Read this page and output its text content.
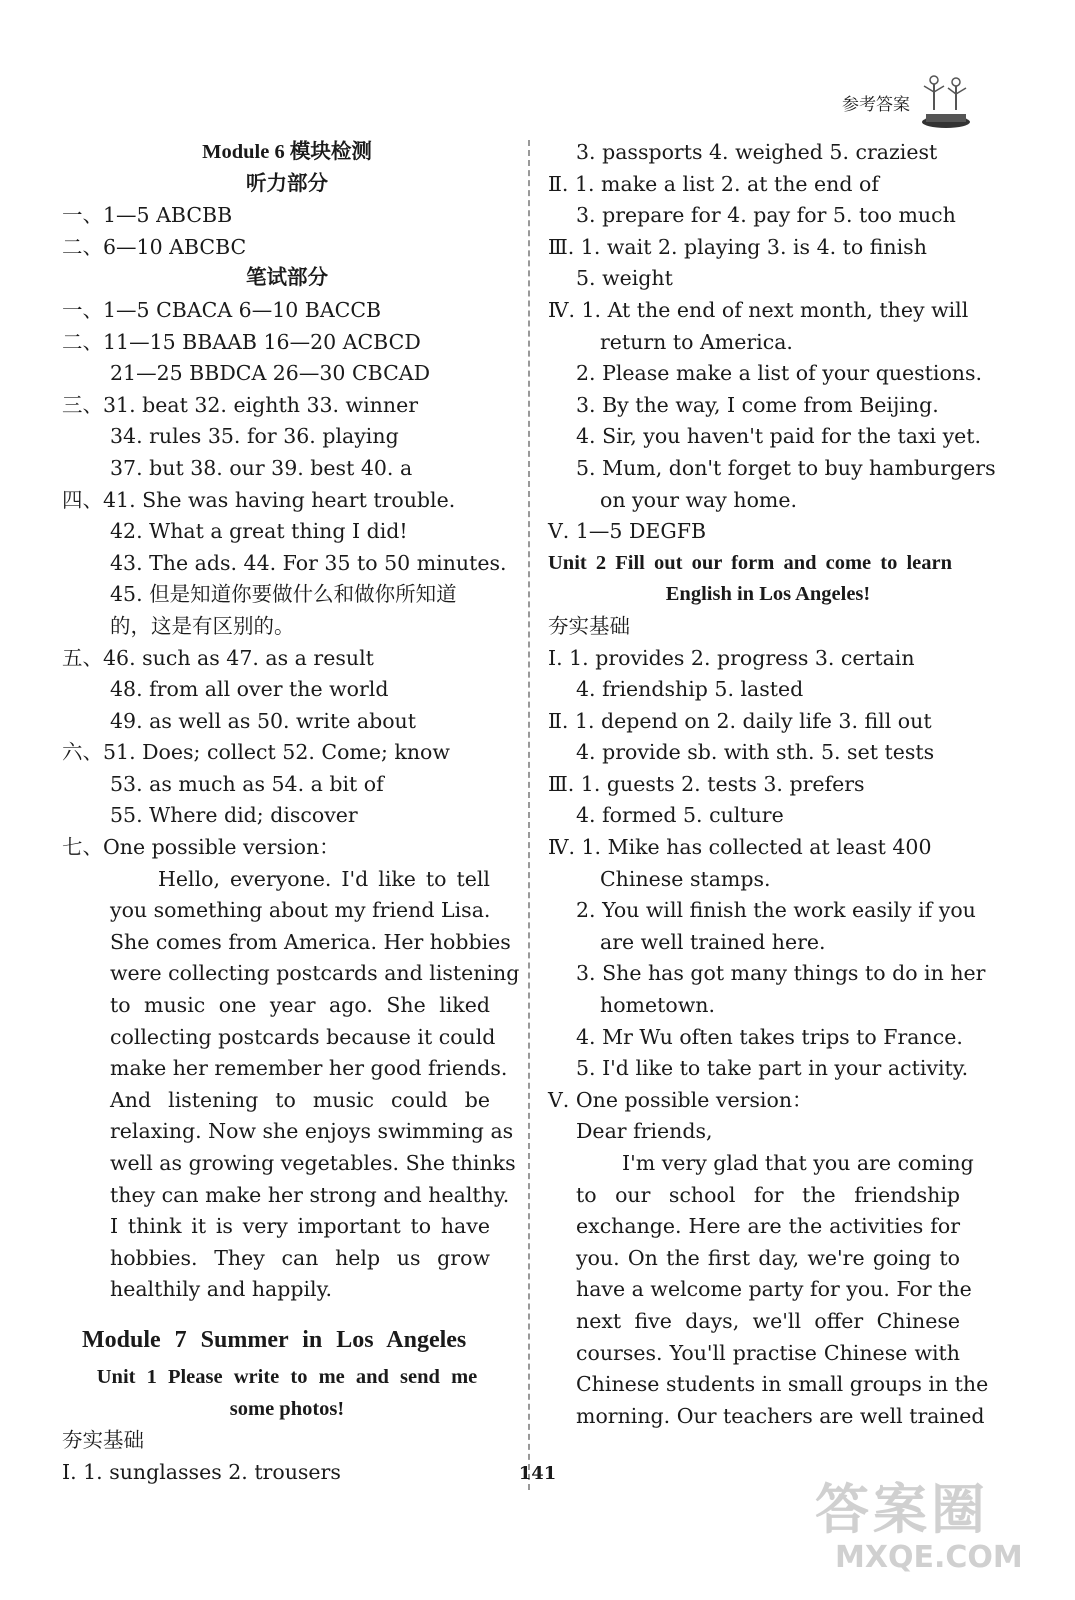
参考答案
Module 6 模块检测
听力部分
一、1—5 ABCBB
二、6—10 ABCBC
笔试部分
一、1—5 CBACA 6—10 BACCB
二、11—15 BBAAB 16—20 ACBCD
21—25 BBDCA 26—30 CBCAD
三、31. beat 32. eighth 33. winner
34. rules 35. for 36. playing
37. but 38. our 39. best 40. a
四、41. She was having heart trouble.
42. What a great thing I did!
43. The ads. 44. For 35 to 50 minutes.
45. 但是知道你要做什么和做你所知道
的，这是有区别的。
五、46. such as 47. as a result
48. from all over the world
49. as well as 50. write about
六、51. Does; collect 52. Come; know
53. as much as 54. a bit of
55. Where did; discover
七、One possible version：
Hello, everyone. I'd like to tell
you something about my friend Lisa.
She comes from America. Her hobbies
were collecting postcards and listening
to music one year ago. She liked
collecting postcards because it could
make her remember her good friends.
And listening to music could be
relaxing. Now she enjoys swimming as
well as growing vegetables. She thinks
they can make her strong and healthy.
I think it is very important to have
hobbies. They can help us grow
healthily and happily.
Module 7 Summer in Los Angeles
Unit 1 Please write to me and send me
some photos!
夯实基础
Ⅰ. 1. sunglasses 2. trousers
3. passports 4. weighed 5. craziest
Ⅱ. 1. make a list 2. at the end of
3. prepare for 4. pay for 5. too much
Ⅲ. 1. wait 2. playing 3. is 4. to finish
5. weight
Ⅳ. 1. At the end of next month, they will
return to America.
2. Please make a list of your questions.
3. By the way, I come from Beijing.
4. Sir, you haven't paid for the taxi yet.
5. Mum, don't forget to buy hamburgers
on your way home.
Ⅴ. 1—5 DEGFB
Unit 2 Fill out our form and come to learn
English in Los Angeles!
夯实基础
Ⅰ. 1. provides 2. progress 3. certain
4. friendship 5. lasted
Ⅱ. 1. depend on 2. daily life 3. fill out
4. provide sb. with sth. 5. set tests
Ⅲ. 1. guests 2. tests 3. prefers
4. formed 5. culture
Ⅳ. 1. Mike has collected at least 400
Chinese stamps.
2. You will finish the work easily if you
are well trained here.
3. She has got many things to do in her
hometown.
4. Mr Wu often takes trips to France.
5. I'd like to take part in your activity.
Ⅴ. One possible version：
Dear friends,
I'm very glad that you are coming
to our school for the friendship
exchange. Here are the activities for
you. On the first day, we're going to
have a welcome party for you. For the
next five days, we'll offer Chinese
courses. You'll practise Chinese with
Chinese students in small groups in the
morning. Our teachers are well trained
141
答案圈
MXQE.COM
